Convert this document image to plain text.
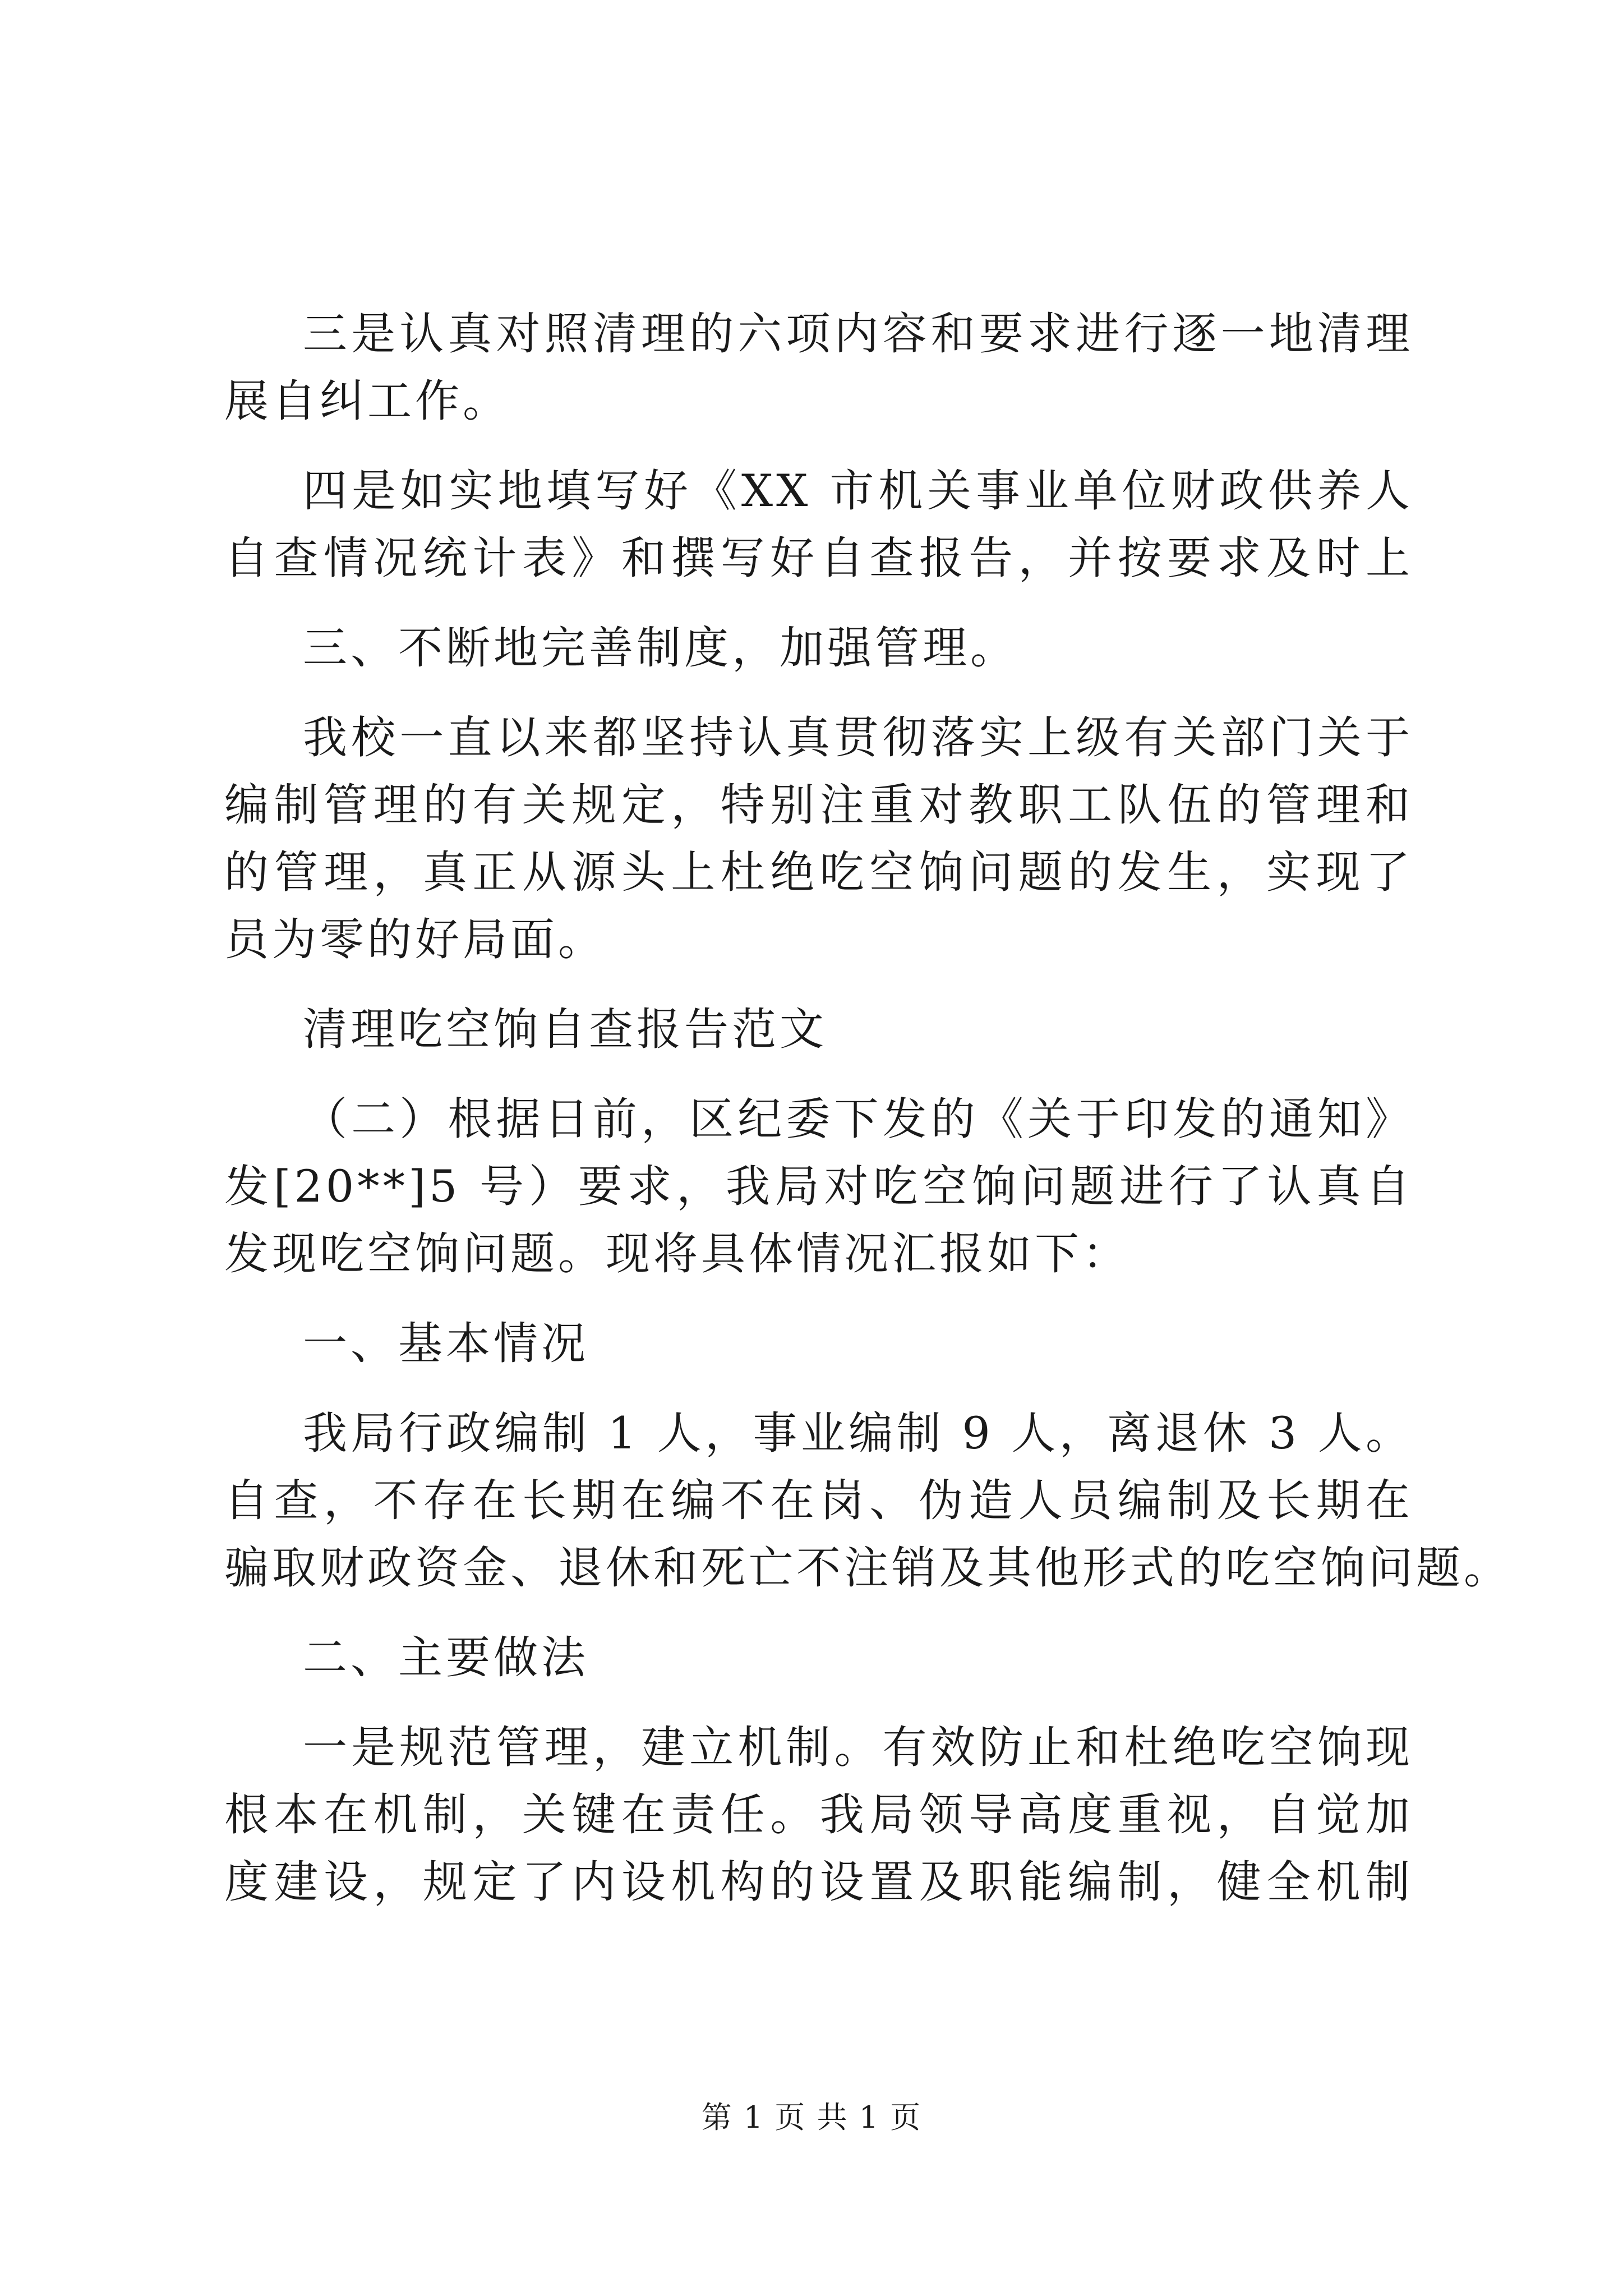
三是认真对照清理的六项内容和要求进行逐一地清理

展自纠工作。

四是如实地填写好《XX 市机关事业单位财政供养人

自查情况统计表》和撰写好自查报告，并按要求及时上

三、不断地完善制度，加强管理。

我校一直以来都坚持认真贯彻落实上级有关部门关于

编制管理的有关规定，特别注重对教职工队伍的管理和

的管理，真正从源头上杜绝吃空饷问题的发生，实现了

员为零的好局面。

清理吃空饷自查报告范文

（二）根据日前，区纪委下发的《关于印发的通知》

发[20**]5 号）要求，我局对吃空饷问题进行了认真自

发现吃空饷问题。现将具体情况汇报如下：

一、基本情况

我局行政编制 1 人，事业编制 9 人，离退休 3 人。

自查，不存在长期在编不在岗、伪造人员编制及长期在

骗取财政资金、退休和死亡不注销及其他形式的吃空饷问题。

二、主要做法

一是规范管理，建立机制。有效防止和杜绝吃空饷现

根本在机制，关键在责任。我局领导高度重视，自觉加

度建设，规定了内设机构的设置及职能编制，健全机制

第 1 页 共 1 页
